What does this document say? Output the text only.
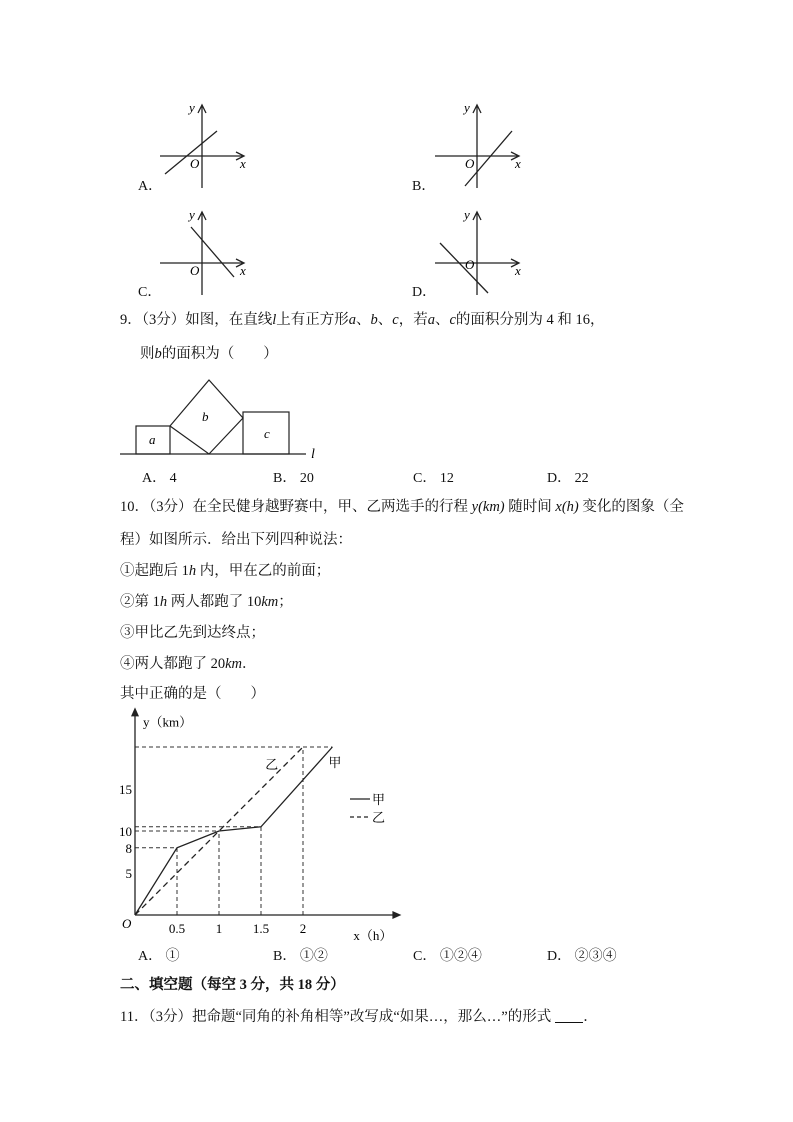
A．
x
y
O
B．
x
y
O
C．
x
y
O
D．
x
y
O
9．（3分）如图，在直线l上有正方形a、b、c，若a、c的面积分别为 4 和 16，
则b的面积为（　　）
a
b
c
l
A． 4	B． 20	C． 12	D． 22
10．（3分）在全民健身越野赛中，甲、乙两选手的行程 y(km) 随时间 x(h) 变化的图象（全
程）如图所示．给出下列四种说法：
①起跑后 1h 内，甲在乙的前面；
②第 1h 两人都跑了 10km；
③甲比乙先到达终点；
④两人都跑了 20km．
其中正确的是（　　）
甲
乙
0.5 1 1.5 2
5
8
10
15
y（km）
x（h）
O
甲
乙
A． ①	B． ①②	C． ①②④	D． ②③④
二、填空题（每空 3 分，共 18 分）
11．（3分）把命题“同角的补角相等”改写成“如果…，那么…”的形式 ．
